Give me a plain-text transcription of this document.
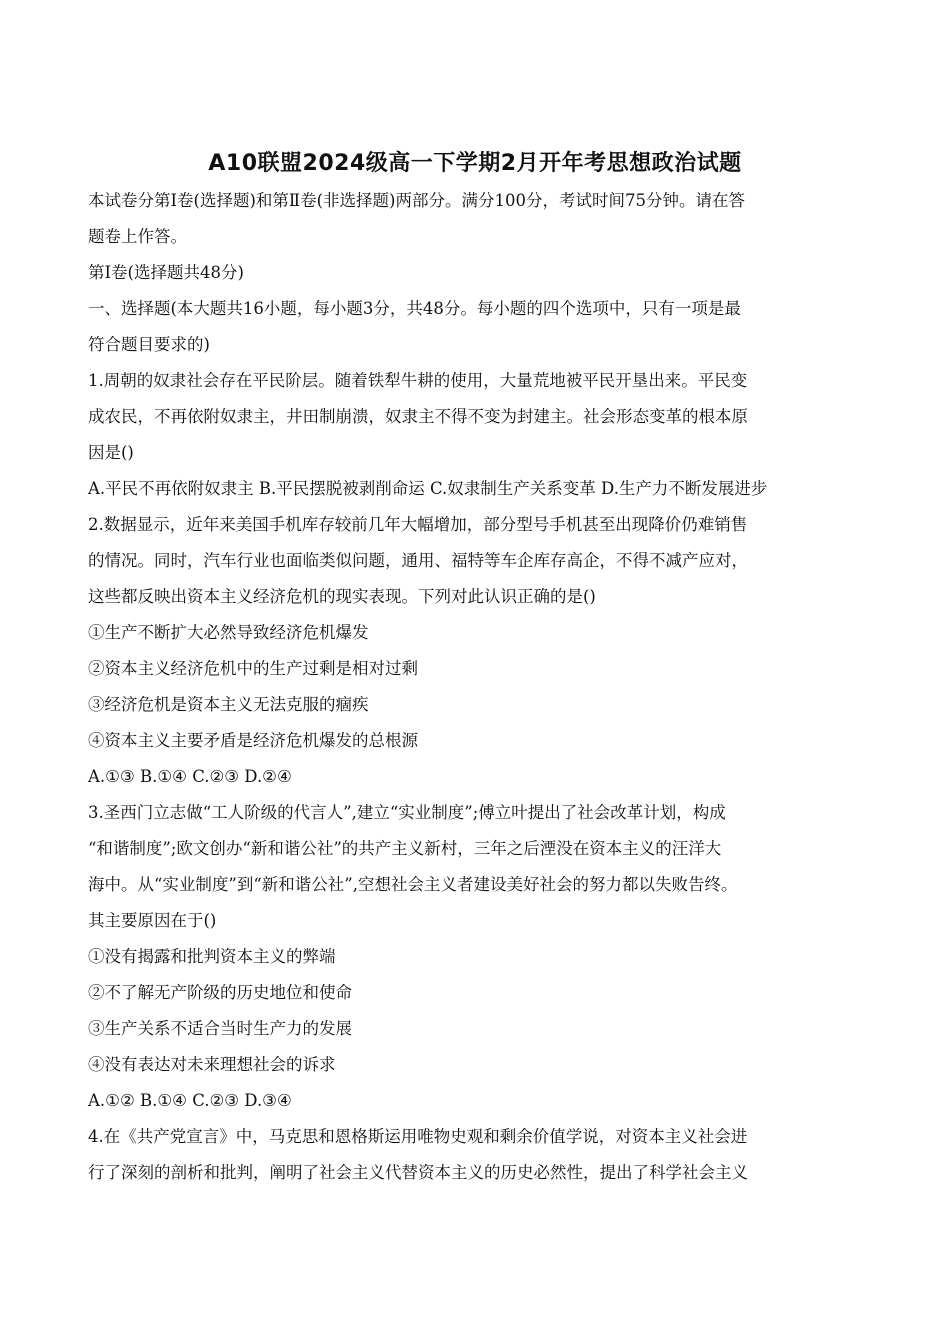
A10联盟2024级高一下学期2月开年考思想政治试题

本试卷分第I卷(选择题)和第Ⅱ卷(非选择题)两部分。满分100分，考试时间75分钟。请在答

题卷上作答。

第I卷(选择题共48分)

一、选择题(本大题共16小题，每小题3分，共48分。每小题的四个选项中，只有一项是最

符合题目要求的)

1.周朝的奴隶社会存在平民阶层。随着铁犁牛耕的使用，大量荒地被平民开垦出来。平民变

成农民，不再依附奴隶主，井田制崩溃，奴隶主不得不变为封建主。社会形态变革的根本原

因是()

A.平民不再依附奴隶主 B.平民摆脱被剥削命运 C.奴隶制生产关系变革 D.生产力不断发展进步

2.数据显示，近年来美国手机库存较前几年大幅增加，部分型号手机甚至出现降价仍难销售

的情况。同时，汽车行业也面临类似问题，通用、福特等车企库存高企，不得不减产应对，

这些都反映出资本主义经济危机的现实表现。下列对此认识正确的是()

①生产不断扩大必然导致经济危机爆发

②资本主义经济危机中的生产过剩是相对过剩

③经济危机是资本主义无法克服的痼疾

④资本主义主要矛盾是经济危机爆发的总根源

A.①③ B.①④ C.②③ D.②④

3.圣西门立志做“工人阶级的代言人”,建立“实业制度”;傅立叶提出了社会改革计划，构成

“和谐制度”;欧文创办“新和谐公社”的共产主义新村，三年之后湮没在资本主义的汪洋大

海中。从“实业制度”到“新和谐公社”,空想社会主义者建设美好社会的努力都以失败告终。

其主要原因在于()

①没有揭露和批判资本主义的弊端

②不了解无产阶级的历史地位和使命

③生产关系不适合当时生产力的发展

④没有表达对未来理想社会的诉求

A.①② B.①④ C.②③ D.③④

4.在《共产党宣言》中，马克思和恩格斯运用唯物史观和剩余价值学说，对资本主义社会进

行了深刻的剖析和批判，阐明了社会主义代替资本主义的历史必然性，提出了科学社会主义
